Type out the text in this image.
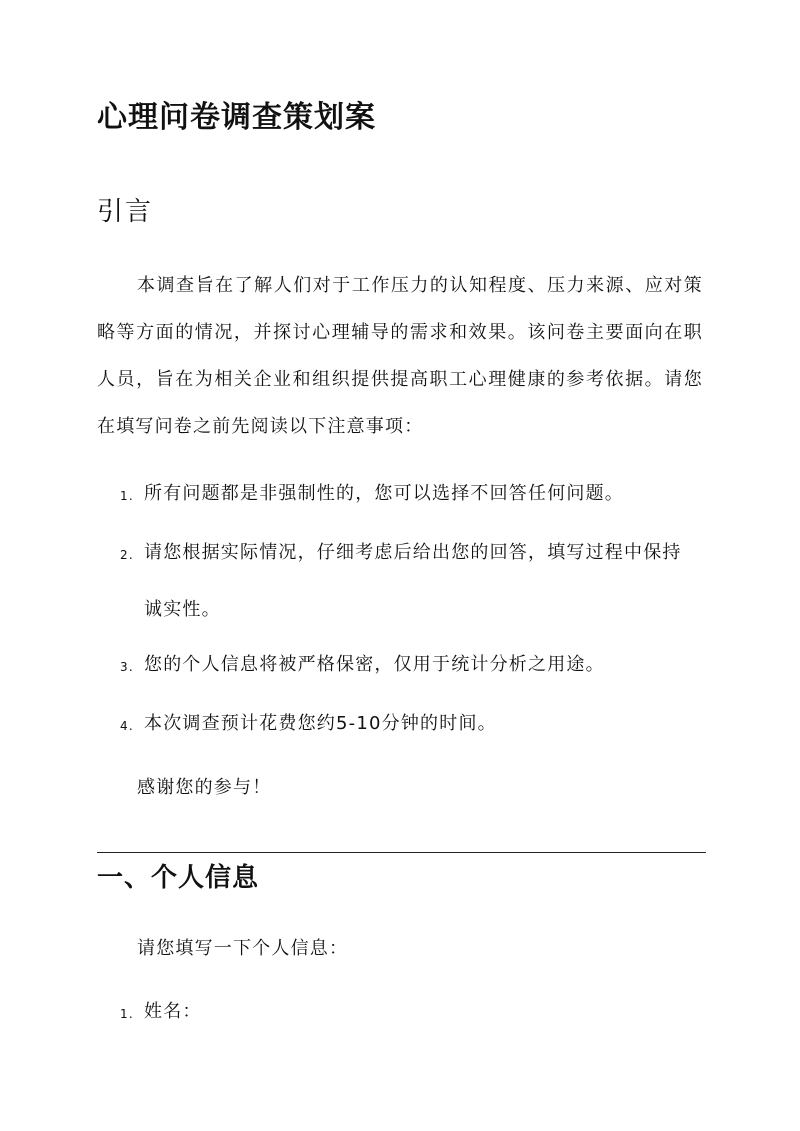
心理问卷调查策划案
引言

本调查旨在了解人们对于工作压力的认知程度、压力来源、应对策略等方面的情况，并探讨心理辅导的需求和效果。该问卷主要面向在职人员，旨在为相关企业和组织提供提高职工心理健康的参考依据。请您在填写问卷之前先阅读以下注意事项：

1. 所有问题都是非强制性的，您可以选择不回答任何问题。
2. 请您根据实际情况，仔细考虑后给出您的回答，填写过程中保持诚实性。
3. 您的个人信息将被严格保密，仅用于统计分析之用途。
4. 本次调查预计花费您约5-10分钟的时间。

感谢您的参与！

一、个人信息

请您填写一下个人信息：

1. 姓名：
